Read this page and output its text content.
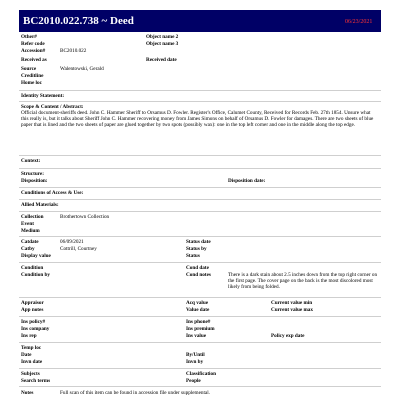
BC2010.022.738 ~ Deed	06/23/2021
Other#	Object name 2
Refer code	Object name 3
Accession#	BC2010.022
Received as	Received date
Source	Walentowski, Gerald
Creditline
Home loc
Identity Statement:
Scope & Content / Abstract:
Official document-sheriffs deed. John C. Hammer Sheriff to Orsamus D. Fowler. Register's Office, Calumet County, Received for Records Feb. 27th 1854. Unsure what this really is, but it talks about Sheriff John C. Hammer recovering money from James Simons on behalf of Orsamus D. Fowler for damages. There are two sheets of blue paper that is lined and the two sheets of paper are glued together by two spots (possibly wax): one in the top left corner and one in the middle along the top edge.
Context:
Structure:
Disposition:	Disposition date:
Conditions of Access & Use:
Allied Materials:
Collection	Brothertown Collection
Event
Medium
Catdate	06/09/2021	Status date
Catby	Cottrill, Courtney	Status by
Display value	Status
Condition	Cond date
Condition by	Cond notes	There is a dark stain about 2.5 inches down from the top right corner on the first page. The cover page on the back is the most discolored most likely from being folded.
Appraisor	Acq value	Current value min
App notes	Value date	Current value max
Ins policy#	Ins phone#
Ins company	Ins premium
Ins rep	Ins value	Policy exp date
Temp loc
Date	By/Until
Invn date	Invn by
Subjects	Classification
Search terms	People
Notes	Full scan of this item can be found in accession file under supplemental.
